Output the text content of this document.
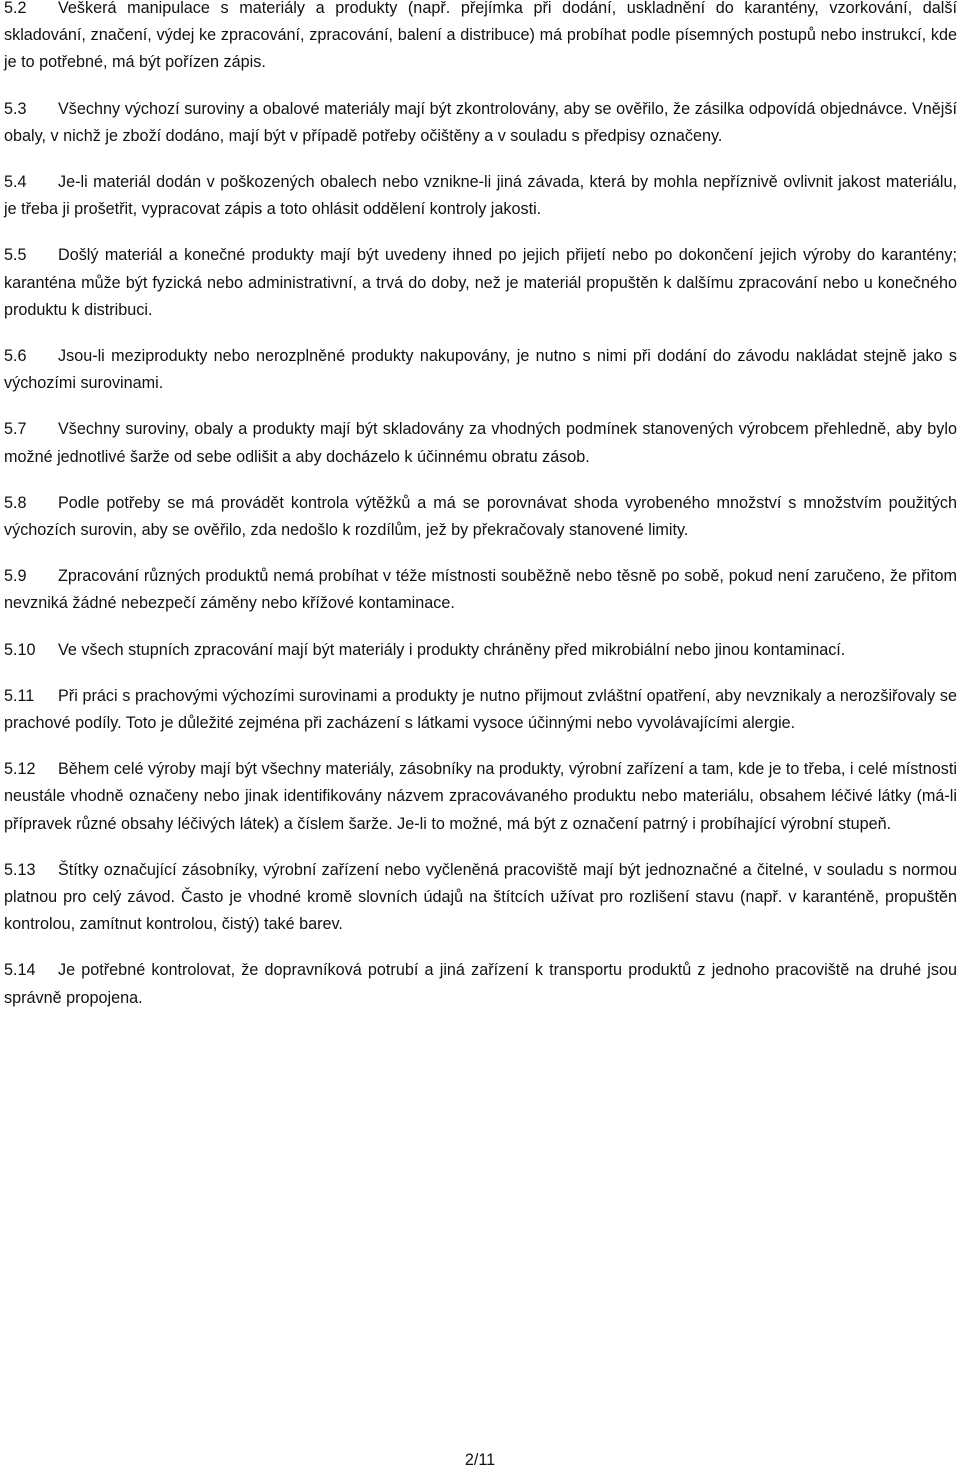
5.2 Veškerá manipulace s materiály a produkty (např. přejímka při dodání, uskladnění do karantény, vzorkování, další skladování, značení, výdej ke zpracování, zpracování, balení a distribuce) má probíhat podle písemných postupů nebo instrukcí, kde je to potřebné, má být pořízen zápis.

5.3 Všechny výchozí suroviny a obalové materiály mají být zkontrolovány, aby se ověřilo, že zásilka odpovídá objednávce. Vnější obaly, v nichž je zboží dodáno, mají být v případě potřeby očištěny a v souladu s předpisy označeny.

5.4 Je-li materiál dodán v poškozených obalech nebo vznikne-li jiná závada, která by mohla nepříznivě ovlivnit jakost materiálu, je třeba ji prošetřit, vypracovat zápis a toto ohlásit oddělení kontroly jakosti.

5.5 Došlý materiál a konečné produkty mají být uvedeny ihned po jejich přijetí nebo po dokončení jejich výroby do karantény; karanténa může být fyzická nebo administrativní, a trvá do doby, než je materiál propuštěn k dalšímu zpracování nebo u konečného produktu k distribuci.

5.6 Jsou-li meziprodukty nebo nerozplněné produkty nakupovány, je nutno s nimi při dodání do závodu nakládat stejně jako s výchozími surovinami.

5.7 Všechny suroviny, obaly a produkty mají být skladovány za vhodných podmínek stanovených výrobcem přehledně, aby bylo možné jednotlivé šarže od sebe odlišit a aby docházelo k účinnému obratu zásob.

5.8 Podle potřeby se má provádět kontrola výtěžků a má se porovnávat shoda vyrobeného množství s množstvím použitých výchozích surovin, aby se ověřilo, zda nedošlo k rozdílům, jež by překračovaly stanovené limity.

5.9 Zpracování různých produktů nemá probíhat v téže místnosti souběžně nebo těsně po sobě, pokud není zaručeno, že přitom nevzniká žádné nebezpečí záměny nebo křížové kontaminace.

5.10 Ve všech stupních zpracování mají být materiály i produkty chráněny před mikrobiální nebo jinou kontaminací.

5.11 Při práci s prachovými výchozími surovinami a produkty je nutno přijmout zvláštní opatření, aby nevznikaly a nerozšiřovaly se prachové podíly. Toto je důležité zejména při zacházení s látkami vysoce účinnými nebo vyvolávajícími alergie.

5.12 Během celé výroby mají být všechny materiály, zásobníky na produkty, výrobní zařízení a tam, kde je to třeba, i celé místnosti neustále vhodně označeny nebo jinak identifikovány názvem zpracovávaného produktu nebo materiálu, obsahem léčivé látky (má-li přípravek různé obsahy léčivých látek) a číslem šarže. Je-li to možné, má být z označení patrný i probíhající výrobní stupeň.

5.13 Štítky označující zásobníky, výrobní zařízení nebo vyčleněná pracoviště mají být jednoznačné a čitelné, v souladu s normou platnou pro celý závod. Často je vhodné kromě slovních údajů na štítcích užívat pro rozlišení stavu (např. v karanténě, propuštěn kontrolou, zamítnut kontrolou, čistý) také barev.

5.14 Je potřebné kontrolovat, že dopravníková potrubí a jiná zařízení k transportu produktů z jednoho pracoviště na druhé jsou správně propojena.

2/11
